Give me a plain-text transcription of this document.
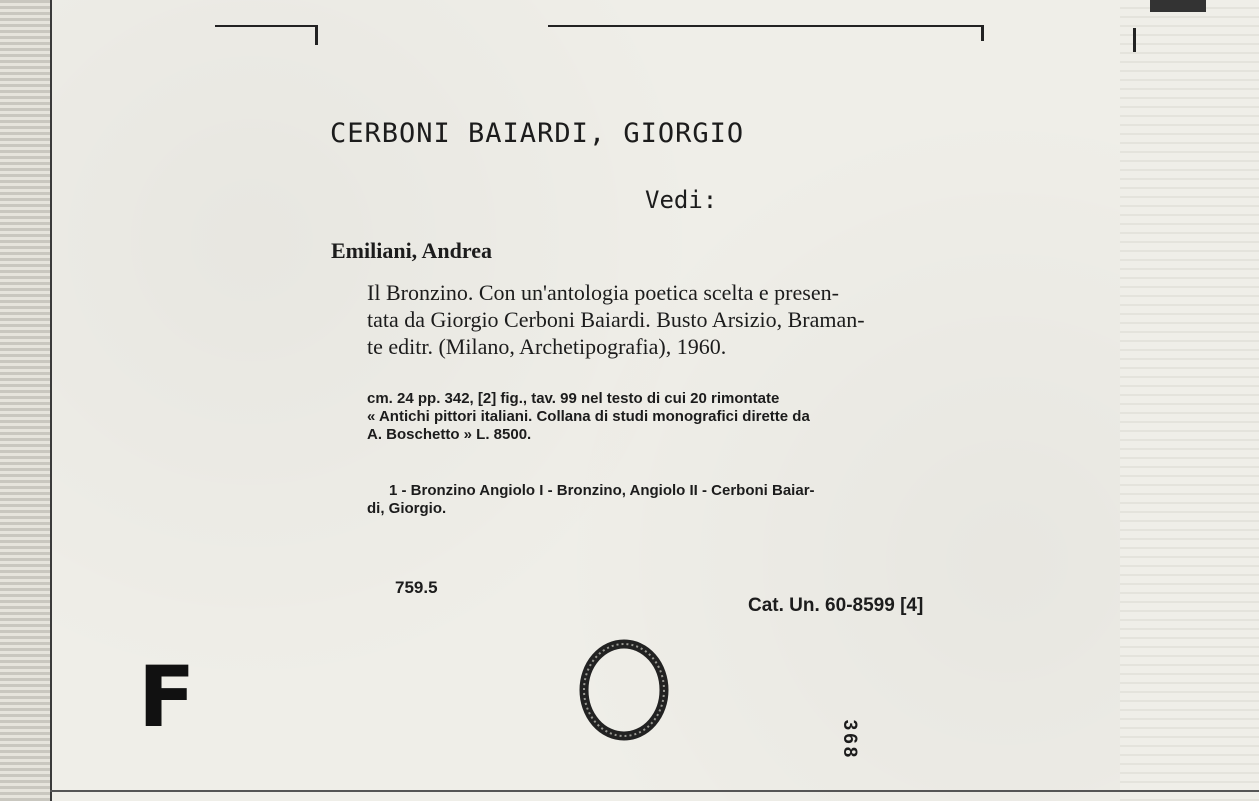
CERBONI BAIARDI, GIORGIO
Vedi:
Emiliani, Andrea
Il Bronzino. Con un'antologia poetica scelta e presen-
tata da Giorgio Cerboni Baiardi. Busto Arsizio, Braman-
te editr. (Milano, Archetipografia), 1960.
cm. 24 pp. 342, [2] fig., tav. 99 nel testo di cui 20 rimontate
« Antichi pittori italiani. Collana di studi monografici dirette da
A. Boschetto » L. 8500.
1 - Bronzino Angiolo I - Bronzino, Angiolo II - Cerboni Baiar-
di, Giorgio.
759.5
Cat. Un. 60-8599 [4]
F	368
